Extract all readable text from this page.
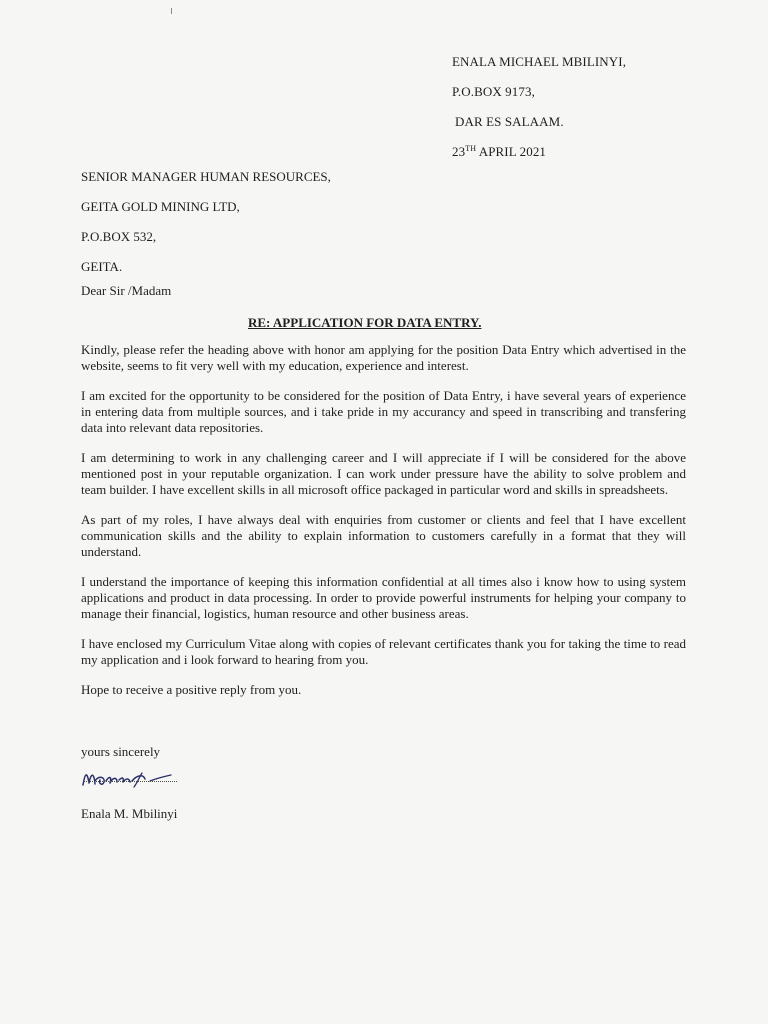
ENALA MICHAEL MBILINYI,
P.O.BOX 9173,
DAR ES SALAAM.
23TH APRIL 2021
SENIOR MANAGER HUMAN RESOURCES,
GEITA GOLD MINING LTD,
P.O.BOX 532,
GEITA.
Dear Sir /Madam
RE: APPLICATION FOR DATA ENTRY.

Kindly, please refer the heading above with honor am applying for the position Data Entry which advertised in the website, seems to fit very well with my education, experience and interest.

I am excited for the opportunity to be considered for the position of Data Entry, i have several years of experience in entering data from multiple sources, and i take pride in my accurancy and speed in transcribing and transfering data into relevant data repositories.

I am determining to work in any challenging career and I will appreciate if I will be considered for the above mentioned post in your reputable organization. I can work under pressure have the ability to solve problem and team builder. I have excellent skills in all microsoft office packaged in particular word and skills in spreadsheets.

As part of my roles, I have always deal with enquiries from customer or clients and feel that I have excellent communication skills and the ability to explain information to customers carefully in a format that they will understand.

I understand the importance of keeping this information confidential at all times also i know how to using system applications and product in data processing. In order to provide powerful instruments for helping your company to manage their financial, logistics, human resource and other business areas.

I have enclosed my Curriculum Vitae along with copies of relevant certificates thank you for taking the time to read my application and i look forward to hearing from you.

Hope to receive a positive reply from you.

yours sincerely
Enala M. Mbilinyi
